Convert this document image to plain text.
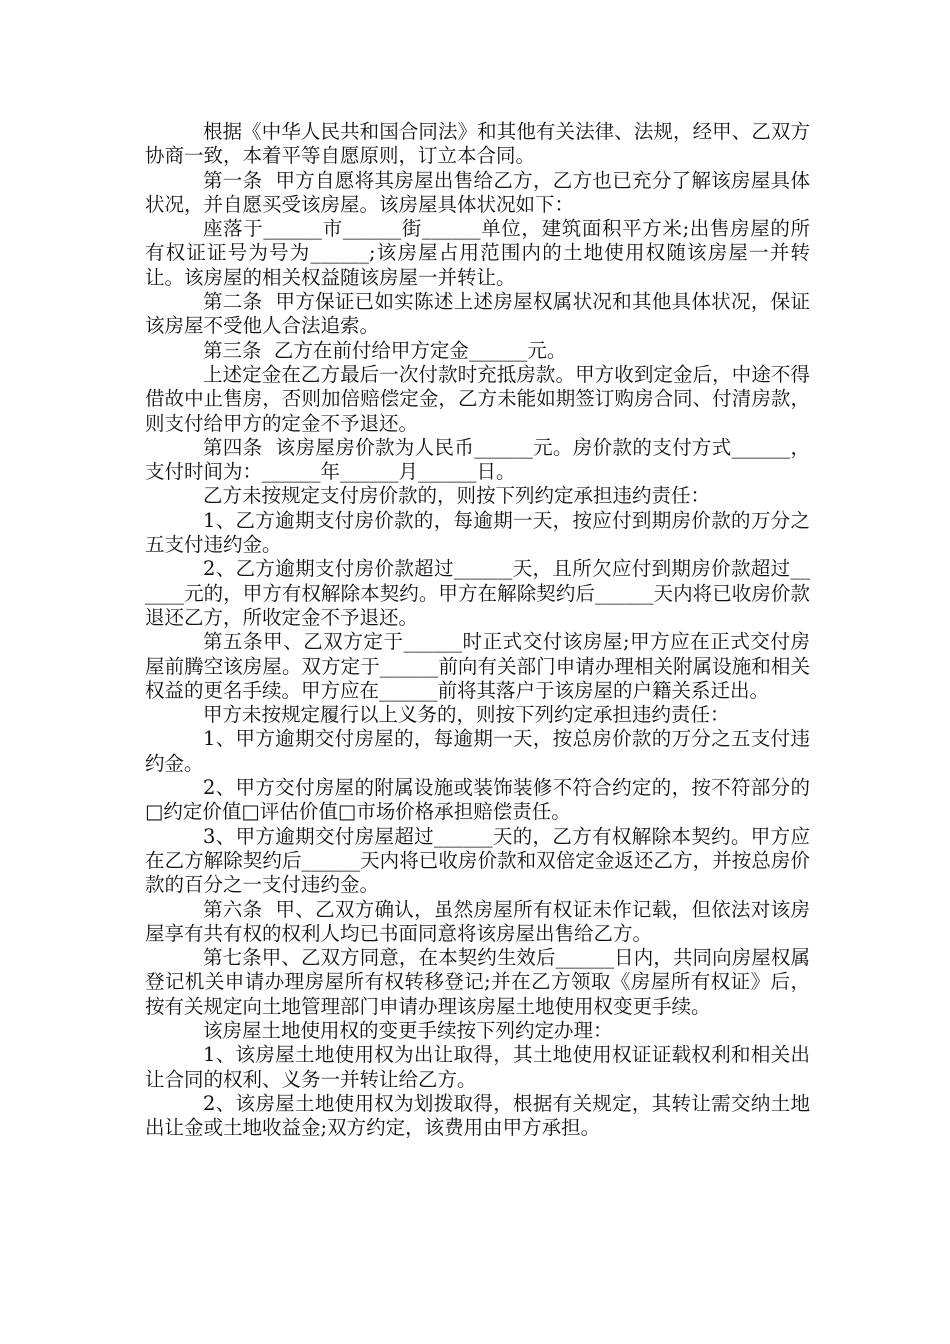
根据《中华人民共和国合同法》和其他有关法律、法规，经甲、乙双方协商一致，本着平等自愿原则，订立本合同。

第一条  甲方自愿将其房屋出售给乙方，乙方也已充分了解该房屋具体状况，并自愿买受该房屋。该房屋具体状况如下：

座落于______市______街______单位，建筑面积平方米;出售房屋的所有权证证号为号为______;该房屋占用范围内的土地使用权随该房屋一并转让。该房屋的相关权益随该房屋一并转让。

第二条  甲方保证已如实陈述上述房屋权属状况和其他具体状况，保证该房屋不受他人合法追索。

第三条  乙方在前付给甲方定金______元。

上述定金在乙方最后一次付款时充抵房款。甲方收到定金后，中途不得借故中止售房，否则加倍赔偿定金，乙方未能如期签订购房合同、付清房款，则支付给甲方的定金不予退还。

第四条  该房屋房价款为人民币______元。房价款的支付方式______，支付时间为：______年______月______日。

乙方未按规定支付房价款的，则按下列约定承担违约责任：

1、乙方逾期支付房价款的，每逾期一天，按应付到期房价款的万分之五支付违约金。

2、乙方逾期支付房价款超过______天，且所欠应付到期房价款超过______元的，甲方有权解除本契约。甲方在解除契约后______天内将已收房价款退还乙方，所收定金不予退还。

第五条甲、乙双方定于______时正式交付该房屋;甲方应在正式交付房屋前腾空该房屋。双方定于______前向有关部门申请办理相关附属设施和相关权益的更名手续。甲方应在______前将其落户于该房屋的户籍关系迁出。

甲方未按规定履行以上义务的，则按下列约定承担违约责任：

1、甲方逾期交付房屋的，每逾期一天，按总房价款的万分之五支付违约金。

2、甲方交付房屋的附属设施或装饰装修不符合约定的，按不符部分的□约定价值□评估价值□市场价格承担赔偿责任。

3、甲方逾期交付房屋超过______天的，乙方有权解除本契约。甲方应在乙方解除契约后______天内将已收房价款和双倍定金返还乙方，并按总房价款的百分之一支付违约金。

第六条  甲、乙双方确认，虽然房屋所有权证未作记载，但依法对该房屋享有共有权的权利人均已书面同意将该房屋出售给乙方。

第七条甲、乙双方同意，在本契约生效后______日内，共同向房屋权属登记机关申请办理房屋所有权转移登记;并在乙方领取《房屋所有权证》后，按有关规定向土地管理部门申请办理该房屋土地使用权变更手续。

该房屋土地使用权的变更手续按下列约定办理：

1、该房屋土地使用权为出让取得，其土地使用权证证载权利和相关出让合同的权利、义务一并转让给乙方。

2、该房屋土地使用权为划拨取得，根据有关规定，其转让需交纳土地出让金或土地收益金;双方约定，该费用由甲方承担。
